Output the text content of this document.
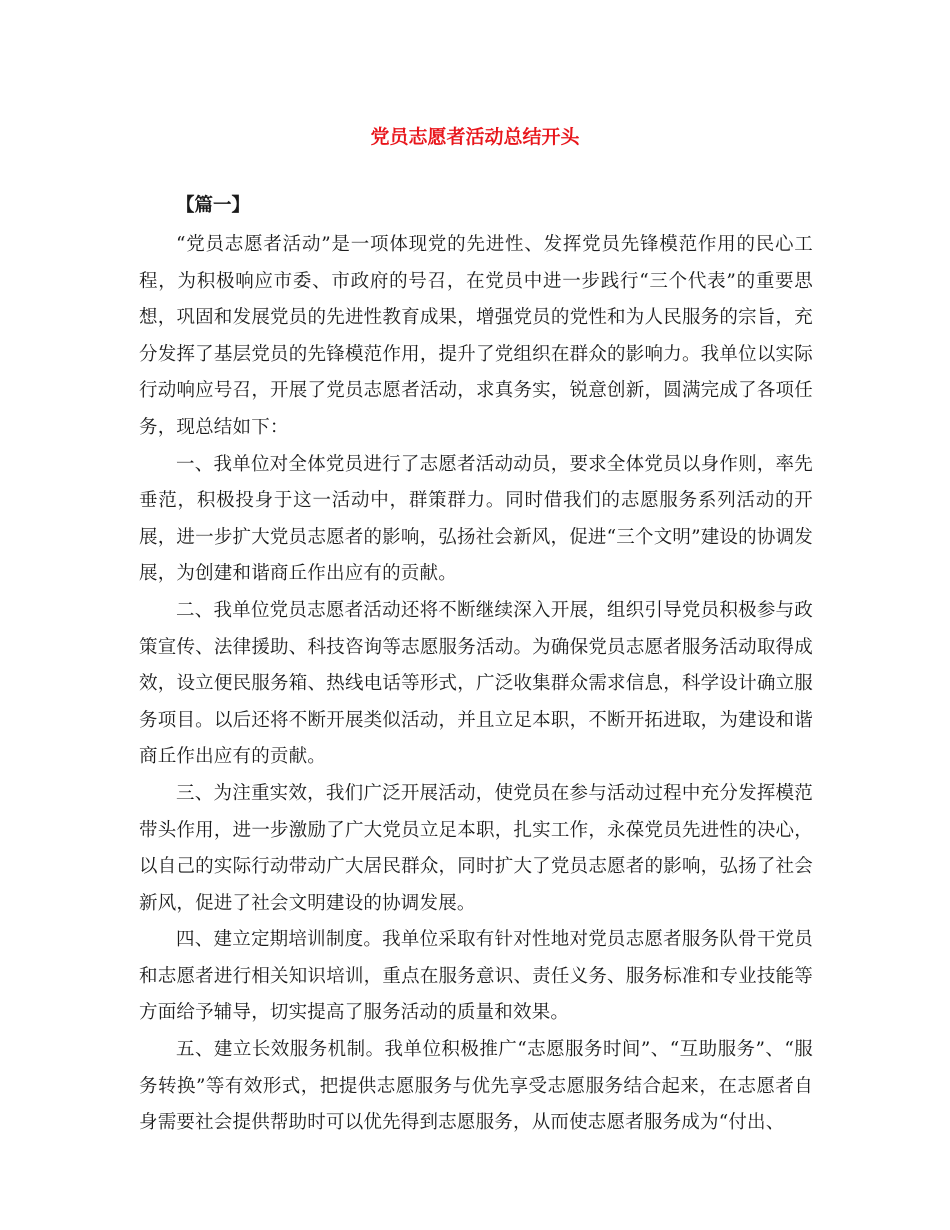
党员志愿者活动总结开头

【篇一】

“党员志愿者活动”是一项体现党的先进性、发挥党员先锋模范作用的民心工程，为积极响应市委、市政府的号召，在党员中进一步践行“三个代表”的重要思想，巩固和发展党员的先进性教育成果，增强党员的党性和为人民服务的宗旨，充分发挥了基层党员的先锋模范作用，提升了党组织在群众的影响力。我单位以实际行动响应号召，开展了党员志愿者活动，求真务实，锐意创新，圆满完成了各项任务，现总结如下：

一、我单位对全体党员进行了志愿者活动动员，要求全体党员以身作则，率先垂范，积极投身于这一活动中，群策群力。同时借我们的志愿服务系列活动的开展，进一步扩大党员志愿者的影响，弘扬社会新风，促进“三个文明”建设的协调发展，为创建和谐商丘作出应有的贡献。

二、我单位党员志愿者活动还将不断继续深入开展，组织引导党员积极参与政策宣传、法律援助、科技咨询等志愿服务活动。为确保党员志愿者服务活动取得成效，设立便民服务箱、热线电话等形式，广泛收集群众需求信息，科学设计确立服务项目。以后还将不断开展类似活动，并且立足本职，不断开拓进取，为建设和谐商丘作出应有的贡献。

三、为注重实效，我们广泛开展活动，使党员在参与活动过程中充分发挥模范带头作用，进一步激励了广大党员立足本职，扎实工作，永葆党员先进性的决心，以自己的实际行动带动广大居民群众，同时扩大了党员志愿者的影响，弘扬了社会新风，促进了社会文明建设的协调发展。

四、建立定期培训制度。我单位采取有针对性地对党员志愿者服务队骨干党员和志愿者进行相关知识培训，重点在服务意识、责任义务、服务标准和专业技能等方面给予辅导，切实提高了服务活动的质量和效果。

五、建立长效服务机制。我单位积极推广“志愿服务时间”、“互助服务”、“服务转换”等有效形式，把提供志愿服务与优先享受志愿服务结合起来，在志愿者自身需要社会提供帮助时可以优先得到志愿服务，从而使志愿者服务成为“付出、
